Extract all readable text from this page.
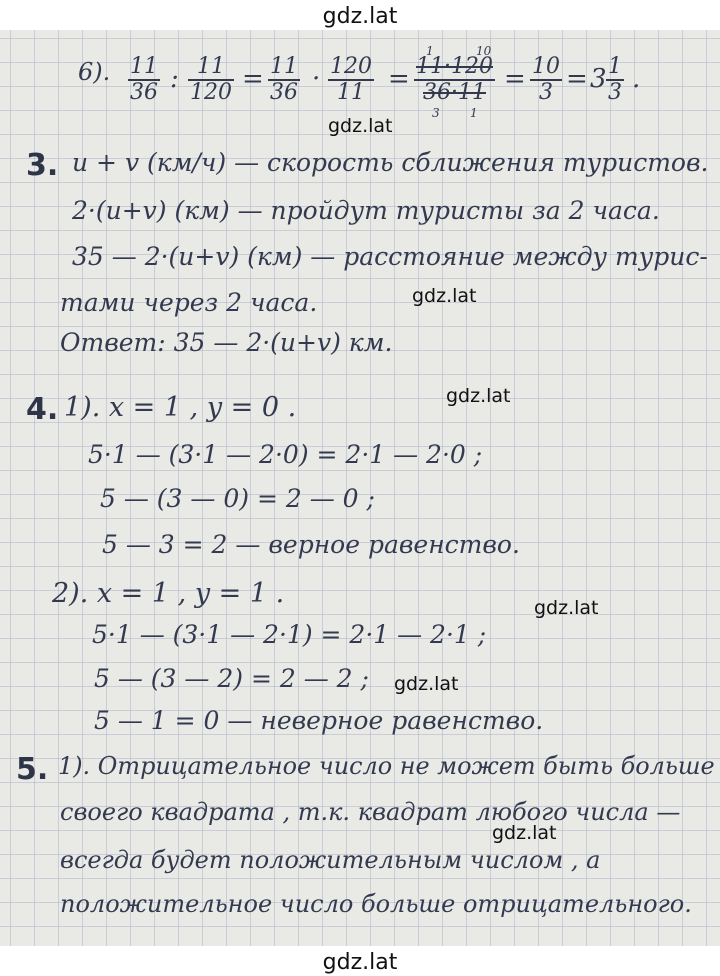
gdz.lat
gdz.lat
gdz.lat
gdz.lat
gdz.lat
gdz.lat
gdz.lat
gdz.lat
6). $\frac{11}{36}$ : $\frac{11}{120} = \frac{11}{36} \cdot \frac{120}{11}$ =
1	10
$\frac{11\cdot 120}{36\cdot 11}$
3	1
= $\frac{10}{3} = 3 \frac{1}{3}$ .
3. u + v (км/ч) — скорость сближения туристов.
2·(u+v) (км) — пройдут туристы за 2 часа.
35 — 2·(u+v) (км) — расстояние между турис-
тами через 2 часа.
Ответ: 35 — 2·(u+v) км.
4. 1). x = 1 , y = 0 .
5·1 — (3·1 — 2·0) = 2·1 — 2·0 ;
5 — (3 — 0) = 2 — 0 ;
5 — 3 = 2 — верное равенство.
2). x = 1 , y = 1 .
5·1 — (3·1 — 2·1) = 2·1 — 2·1 ;
5 — (3 — 2) = 2 — 2 ;
5 — 1 = 0 — неверное равенство.
5. 1). Отрицательное число не может быть больше
своего квадрата , т.к. квадрат любого числа —
всегда будет положительным числом , а
положительное число больше отрицательного.
